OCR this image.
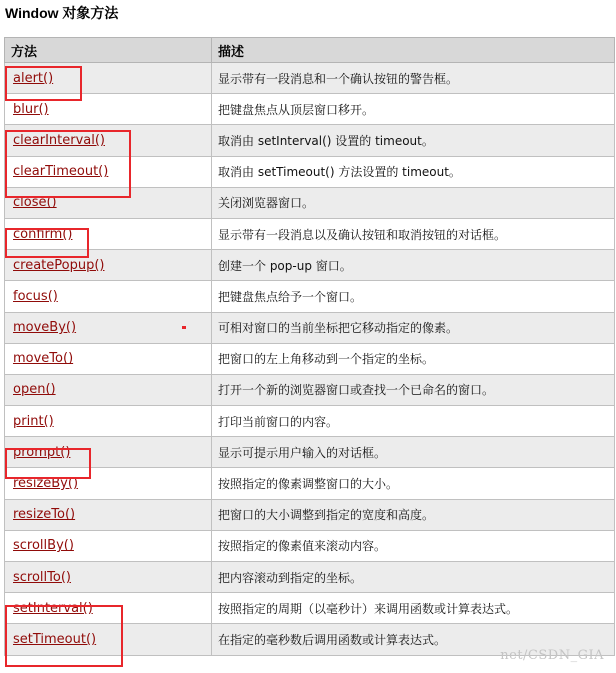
Window 对象方法
方法	描述
alert()	显示带有一段消息和一个确认按钮的警告框。
blur()	把键盘焦点从顶层窗口移开。
clearInterval()	取消由 setInterval() 设置的 timeout。
clearTimeout()	取消由 setTimeout() 方法设置的 timeout。
close()	关闭浏览器窗口。
confirm()	显示带有一段消息以及确认按钮和取消按钮的对话框。
createPopup()	创建一个 pop-up 窗口。
focus()	把键盘焦点给予一个窗口。
moveBy()	可相对窗口的当前坐标把它移动指定的像素。
moveTo()	把窗口的左上角移动到一个指定的坐标。
open()	打开一个新的浏览器窗口或查找一个已命名的窗口。
print()	打印当前窗口的内容。
prompt()	显示可提示用户输入的对话框。
resizeBy()	按照指定的像素调整窗口的大小。
resizeTo()	把窗口的大小调整到指定的宽度和高度。
scrollBy()	按照指定的像素值来滚动内容。
scrollTo()	把内容滚动到指定的坐标。
setInterval()	按照指定的周期（以毫秒计）来调用函数或计算表达式。
setTimeout()	在指定的毫秒数后调用函数或计算表达式。
net/CSDN_GIA
